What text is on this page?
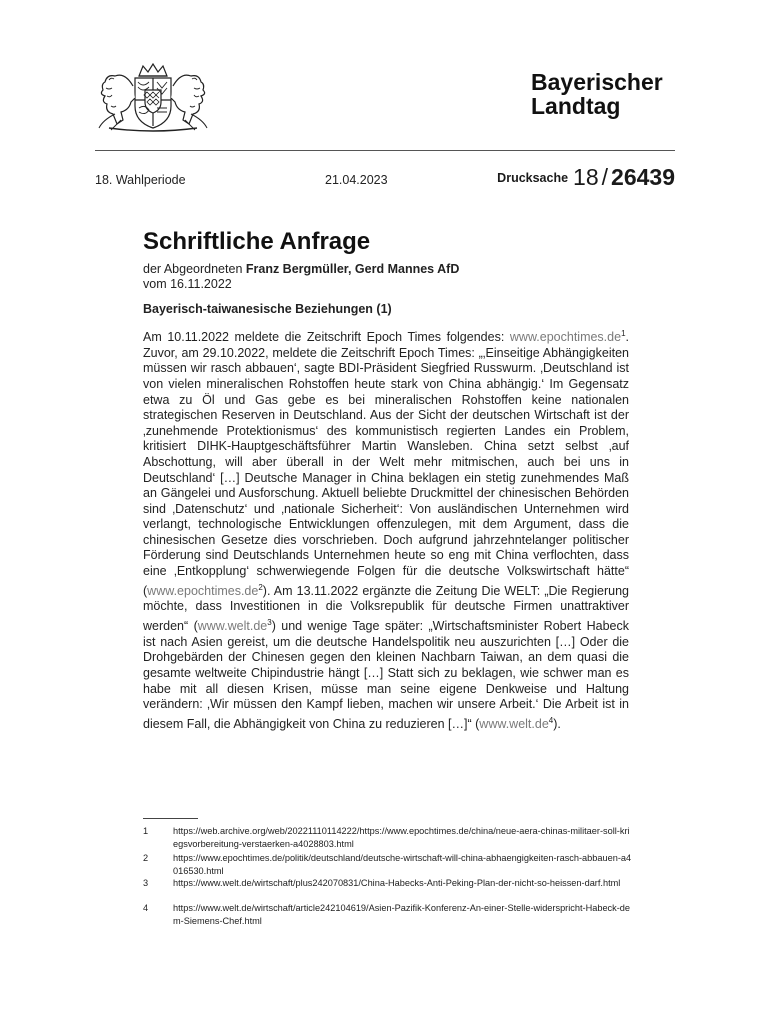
Bayerischer
Landtag
18. Wahlperiode	21.04.2023	Drucksache 18 / 26439
Schriftliche Anfrage
der Abgeordneten Franz Bergmüller, Gerd Mannes AfD
vom 16.11.2022
Bayerisch-taiwanesische Beziehungen (1)
Am 10.11.2022 meldete die Zeitschrift Epoch Times folgendes: $www.epochtimes.de^1$. Zuvor, am 29.10.2022, meldete die Zeitschrift Epoch Times: „‚Einseitige Abhängigkeiten müssen wir rasch abbauen‘, sagte BDI-Präsident Siegfried Russwurm. ‚Deutschland ist von vielen mineralischen Rohstoffen heute stark von China abhängig.‘ Im Gegensatz etwa zu Öl und Gas gebe es bei mineralischen Rohstoffen keine nationalen strategischen Reserven in Deutschland. Aus der Sicht der deutschen Wirtschaft ist der ‚zunehmende Protektionismus‘ des kommunistisch regierten Landes ein Problem, kritisiert DIHK-Hauptgeschäftsführer Martin Wansleben. China setzt selbst ‚auf Abschottung, will aber überall in der Welt mehr mitmischen, auch bei uns in Deutschland‘ […] Deutsche Manager in China beklagen ein stetig zunehmendes Maß an Gängelei und Ausforschung. Aktuell beliebte Druckmittel der chinesischen Behörden sind ‚Datenschutz‘ und ‚nationale Sicherheit‘: Von ausländischen Unternehmen wird verlangt, technologische Entwicklungen offenzulegen, mit dem Argument, dass die chinesischen Gesetze dies vorschrieben. Doch aufgrund jahrzehntelanger politischer Förderung sind Deutschlands Unternehmen heute so eng mit China verflochten, dass eine ‚Entkopplung‘ schwerwiegende Folgen für die deutsche Volkswirtschaft hätte“ $(www.epochtimes.de^2)$. Am 13.11.2022 ergänzte die Zeitung Die WELT: „Die Regierung möchte, dass Investitionen in die Volksrepublik für deutsche Firmen unattraktiver werden“ $(www.welt.de^3)$ und wenige Tage später: „Wirtschaftsminister Robert Habeck ist nach Asien gereist, um die deutsche Handelspolitik neu auszurichten […] Oder die Drohgebärden der Chinesen gegen den kleinen Nachbarn Taiwan, an dem quasi die gesamte weltweite Chipindustrie hängt […] Statt sich zu beklagen, wie schwer man es habe mit all diesen Krisen, müsse man seine eigene Denkweise und Haltung verändern: ‚Wir müssen den Kampf lieben, machen wir unsere Arbeit.‘ Die Arbeit ist in diesem Fall, die Abhängigkeit von China zu reduzieren […]“ $(www.welt.de^4)$.
1	https://web.archive.org/web/20221110114222/https://www.epochtimes.de/china/neue-aera-chinas-militaer-soll-kriegsvorbereitung-verstaerken-a4028803.html
2	https://www.epochtimes.de/politik/deutschland/deutsche-wirtschaft-will-china-abhaengigkeiten-rasch-abbauen-a4016530.html
3	https://www.welt.de/wirtschaft/plus242070831/China-Habecks-Anti-Peking-Plan-der-nicht-so-heissen-darf.html
4	https://www.welt.de/wirtschaft/article242104619/Asien-Pazifik-Konferenz-An-einer-Stelle-widerspricht-Habeck-dem-Siemens-Chef.html
